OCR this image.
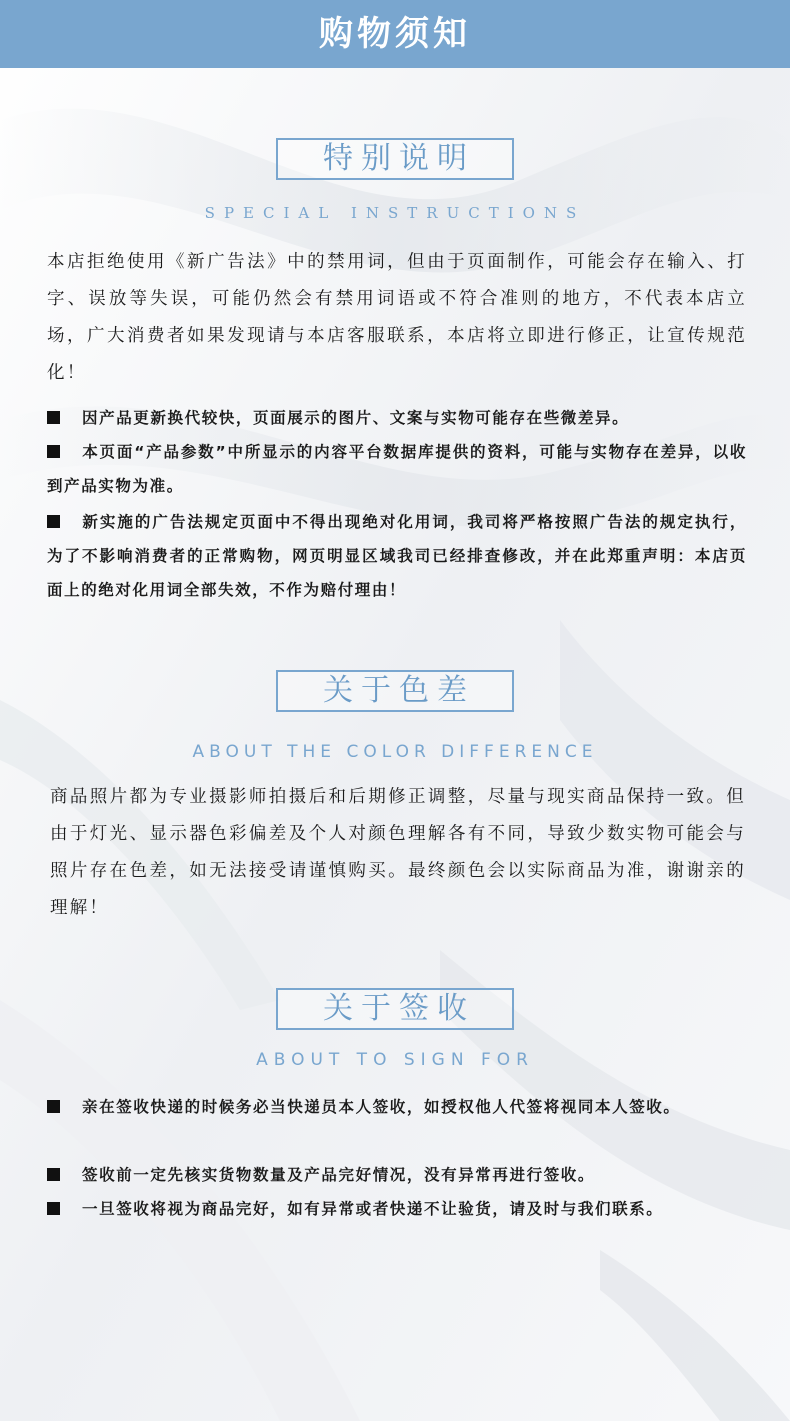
购物须知
特别说明
SPECIAL INSTRUCTIONS

本店拒绝使用《新广告法》中的禁用词，但由于页面制作，可能会存在输入、打字、误放等失误，可能仍然会有禁用词语或不符合准则的地方，不代表本店立场，广大消费者如果发现请与本店客服联系，本店将立即进行修正，让宣传规范化！

因产品更新换代较快，页面展示的图片、文案与实物可能存在些微差异。

本页面“产品参数”中所显示的内容平台数据库提供的资料，可能与实物存在差异，以收到产品实物为准。

新实施的广告法规定页面中不得出现绝对化用词，我司将严格按照广告法的规定执行，为了不影响消费者的正常购物，网页明显区域我司已经排查修改，并在此郑重声明：本店页面上的绝对化用词全部失效，不作为赔付理由！

关于色差
ABOUT THE COLOR DIFFERENCE

商品照片都为专业摄影师拍摄后和后期修正调整，尽量与现实商品保持一致。但由于灯光、显示器色彩偏差及个人对颜色理解各有不同，导致少数实物可能会与照片存在色差，如无法接受请谨慎购买。最终颜色会以实际商品为准，谢谢亲的理解！

关于签收
ABOUT TO SIGN FOR

亲在签收快递的时候务必当快递员本人签收，如授权他人代签将视同本人签收。

签收前一定先核实货物数量及产品完好情况，没有异常再进行签收。

一旦签收将视为商品完好，如有异常或者快递不让验货，请及时与我们联系。
